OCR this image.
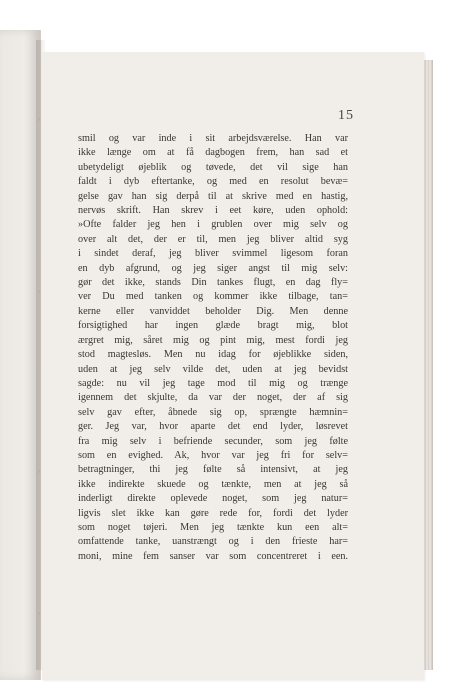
15
smil og var inde i sit arbejdsværelse. Han var
ikke længe om at få dagbogen frem, han sad et
ubetydeligt øjeblik og tøvede, det vil sige han
faldt i dyb eftertanke, og med en resolut bevæ=
gelse gav han sig derpå til at skrive med en hastig,
nervøs skrift. Han skrev i eet køre, uden ophold:
»Ofte falder jeg hen i grublen over mig selv og
over alt det, der er til, men jeg bliver altid syg
i sindet deraf, jeg bliver svimmel ligesom foran
en dyb afgrund, og jeg siger angst til mig selv:
gør det ikke, stands Din tankes flugt, en dag fly=
ver Du med tanken og kommer ikke tilbage, tan=
kerne eller vanviddet beholder Dig. Men denne
forsigtighed har ingen glæde bragt mig, blot
ærgret mig, såret mig og pint mig, mest fordi jeg
stod magtesløs. Men nu idag for øjeblikke siden,
uden at jeg selv vilde det, uden at jeg bevidst
sagde: nu vil jeg tage mod til mig og trænge
igennem det skjulte, da var der noget, der af sig
selv gav efter, åbnede sig op, sprængte hæmnin=
ger. Jeg var, hvor aparte det end lyder, løsrevet
fra mig selv i befriende secunder, som jeg følte
som en evighed. Ak, hvor var jeg fri for selv=
betragtninger, thi jeg følte så intensivt, at jeg
ikke indirekte skuede og tænkte, men at jeg så
inderligt direkte oplevede noget, som jeg natur=
ligvis slet ikke kan gøre rede for, fordi det lyder
som noget tøjeri. Men jeg tænkte kun een alt=
omfattende tanke, uanstrængt og i den frieste har=
moni, mine fem sanser var som concentreret i een.
